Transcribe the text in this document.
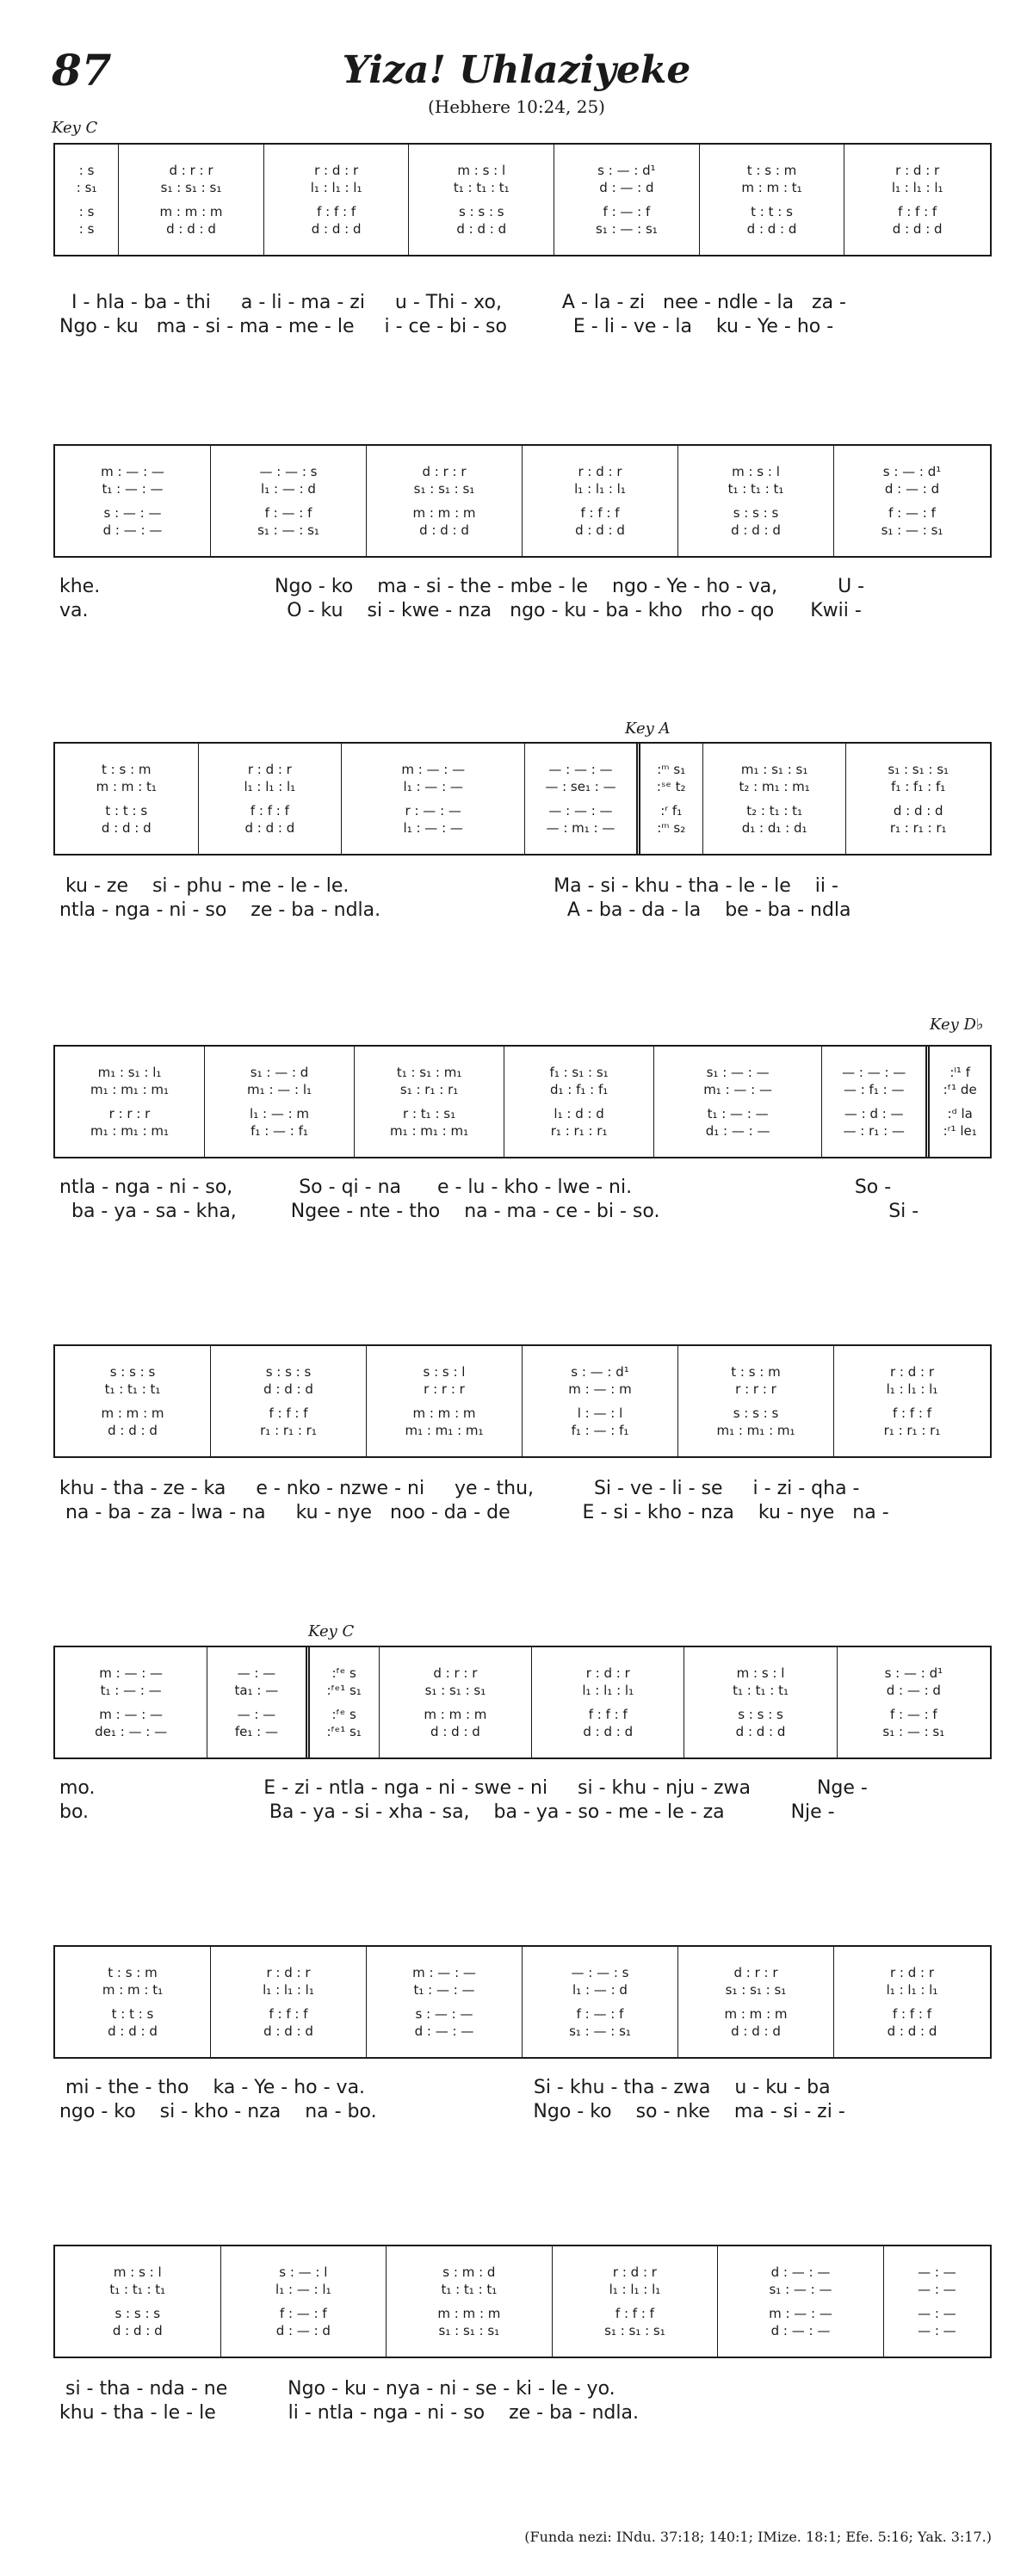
87	Yiza! Uhlaziyeke
(Hebhere 10:24, 25)
Key C
Key A
Key D♭
Key C
: s
: s₁
: s
: s
d : r : r
s₁ : s₁ : s₁
m : m : m
d : d : d
r : d : r
l₁ : l₁ : l₁
f : f : f
d : d : d
m : s : l
t₁ : t₁ : t₁
s : s : s
d : d : d
s : — : d¹
d : — : d
f : — : f
s₁ : — : s₁
t : s : m
m : m : t₁
t : t : s
d : d : d
r : d : r
l₁ : l₁ : l₁
f : f : f
d : d : d
I - hla - ba - thi     a - li - ma - zi     u - Thi - xo,          A - la - zi   nee - ndle - la   za -
Ngo - ku   ma - si - ma - me - le     i - ce - bi - so           E - li - ve - la    ku - Ye - ho -
m : — : —
t₁ : — : —
s : — : —
d : — : —
— : — : s
l₁ : — : d
f : — : f
s₁ : — : s₁
d : r : r
s₁ : s₁ : s₁
m : m : m
d : d : d
r : d : r
l₁ : l₁ : l₁
f : f : f
d : d : d
m : s : l
t₁ : t₁ : t₁
s : s : s
d : d : d
s : — : d¹
d : — : d
f : — : f
s₁ : — : s₁
khe.                             Ngo - ko    ma - si - the - mbe - le    ngo - Ye - ho - va,          U -
va.                                 O - ku    si - kwe - nza   ngo - ku - ba - kho   rho - qo      Kwii -
t : s : m
m : m : t₁
t : t : s
d : d : d
r : d : r
l₁ : l₁ : l₁
f : f : f
d : d : d
m : — : —
l₁ : — : —
r : — : —
l₁ : — : —
— : — : —
— : se₁ : —
— : — : —
— : m₁ : —
:ᵐ s₁
:ˢᵉ t₂
:ʳ f₁
:ᵐ s₂
m₁ : s₁ : s₁
t₂ : m₁ : m₁
t₂ : t₁ : t₁
d₁ : d₁ : d₁
s₁ : s₁ : s₁
f₁ : f₁ : f₁
d : d : d
r₁ : r₁ : r₁
ku - ze    si - phu - me - le - le.                                  Ma - si - khu - tha - le - le    ii -
ntla - nga - ni - so    ze - ba - ndla.                               A - ba - da - la    be - ba - ndla
m₁ : s₁ : l₁
m₁ : m₁ : m₁
r : r : r
m₁ : m₁ : m₁
s₁ : — : d
m₁ : — : l₁
l₁ : — : m
f₁ : — : f₁
t₁ : s₁ : m₁
s₁ : r₁ : r₁
r : t₁ : s₁
m₁ : m₁ : m₁
f₁ : s₁ : s₁
d₁ : f₁ : f₁
l₁ : d : d
r₁ : r₁ : r₁
s₁ : — : —
m₁ : — : —
t₁ : — : —
d₁ : — : —
— : — : —
— : f₁ : —
— : d : —
— : r₁ : —
:ˡ¹ f
:ᶠ¹ de
:ᵈ la
:ʳ¹ le₁
ntla - nga - ni - so,           So - qi - na      e - lu - kho - lwe - ni.                                     So -
ba - ya - sa - kha,         Ngee - nte - tho    na - ma - ce - bi - so.                                      Si -
s : s : s
t₁ : t₁ : t₁
m : m : m
d : d : d
s : s : s
d : d : d
f : f : f
r₁ : r₁ : r₁
s : s : l
r : r : r
m : m : m
m₁ : m₁ : m₁
s : — : d¹
m : — : m
l : — : l
f₁ : — : f₁
t : s : m
r : r : r
s : s : s
m₁ : m₁ : m₁
r : d : r
l₁ : l₁ : l₁
f : f : f
r₁ : r₁ : r₁
khu - tha - ze - ka     e - nko - nzwe - ni     ye - thu,          Si - ve - li - se     i - zi - qha -
na - ba - za - lwa - na     ku - nye   noo - da - de            E - si - kho - nza    ku - nye   na -
m : — : —
t₁ : — : —
m : — : —
de₁ : — : —
— : —
ta₁ : —
— : —
fe₁ : —
:ᶠᵉ s
:ᶠᵉ¹ s₁
:ᶠᵉ s
:ᶠᵉ¹ s₁
d : r : r
s₁ : s₁ : s₁
m : m : m
d : d : d
r : d : r
l₁ : l₁ : l₁
f : f : f
d : d : d
m : s : l
t₁ : t₁ : t₁
s : s : s
d : d : d
s : — : d¹
d : — : d
f : — : f
s₁ : — : s₁
mo.                            E - zi - ntla - nga - ni - swe - ni     si - khu - nju - zwa           Nge -
bo.                              Ba - ya - si - xha - sa,    ba - ya - so - me - le - za           Nje -
t : s : m
m : m : t₁
t : t : s
d : d : d
r : d : r
l₁ : l₁ : l₁
f : f : f
d : d : d
m : — : —
t₁ : — : —
s : — : —
d : — : —
— : — : s
l₁ : — : d
f : — : f
s₁ : — : s₁
d : r : r
s₁ : s₁ : s₁
m : m : m
d : d : d
r : d : r
l₁ : l₁ : l₁
f : f : f
d : d : d
mi - the - tho    ka - Ye - ho - va.                            Si - khu - tha - zwa    u - ku - ba
ngo - ko    si - kho - nza    na - bo.                          Ngo - ko    so - nke    ma - si - zi -
m : s : l
t₁ : t₁ : t₁
s : s : s
d : d : d
s : — : l
l₁ : — : l₁
f : — : f
d : — : d
s : m : d
t₁ : t₁ : t₁
m : m : m
s₁ : s₁ : s₁
r : d : r
l₁ : l₁ : l₁
f : f : f
s₁ : s₁ : s₁
d : — : —
s₁ : — : —
m : — : —
d : — : —
— : —
— : —
— : —
— : —
si - tha - nda - ne          Ngo - ku - nya - ni - se - ki - le - yo.
khu - tha - le - le            li - ntla - nga - ni - so    ze - ba - ndla.
(Funda nezi: INdu. 37:18; 140:1; IMize. 18:1; Efe. 5:16; Yak. 3:17.)
